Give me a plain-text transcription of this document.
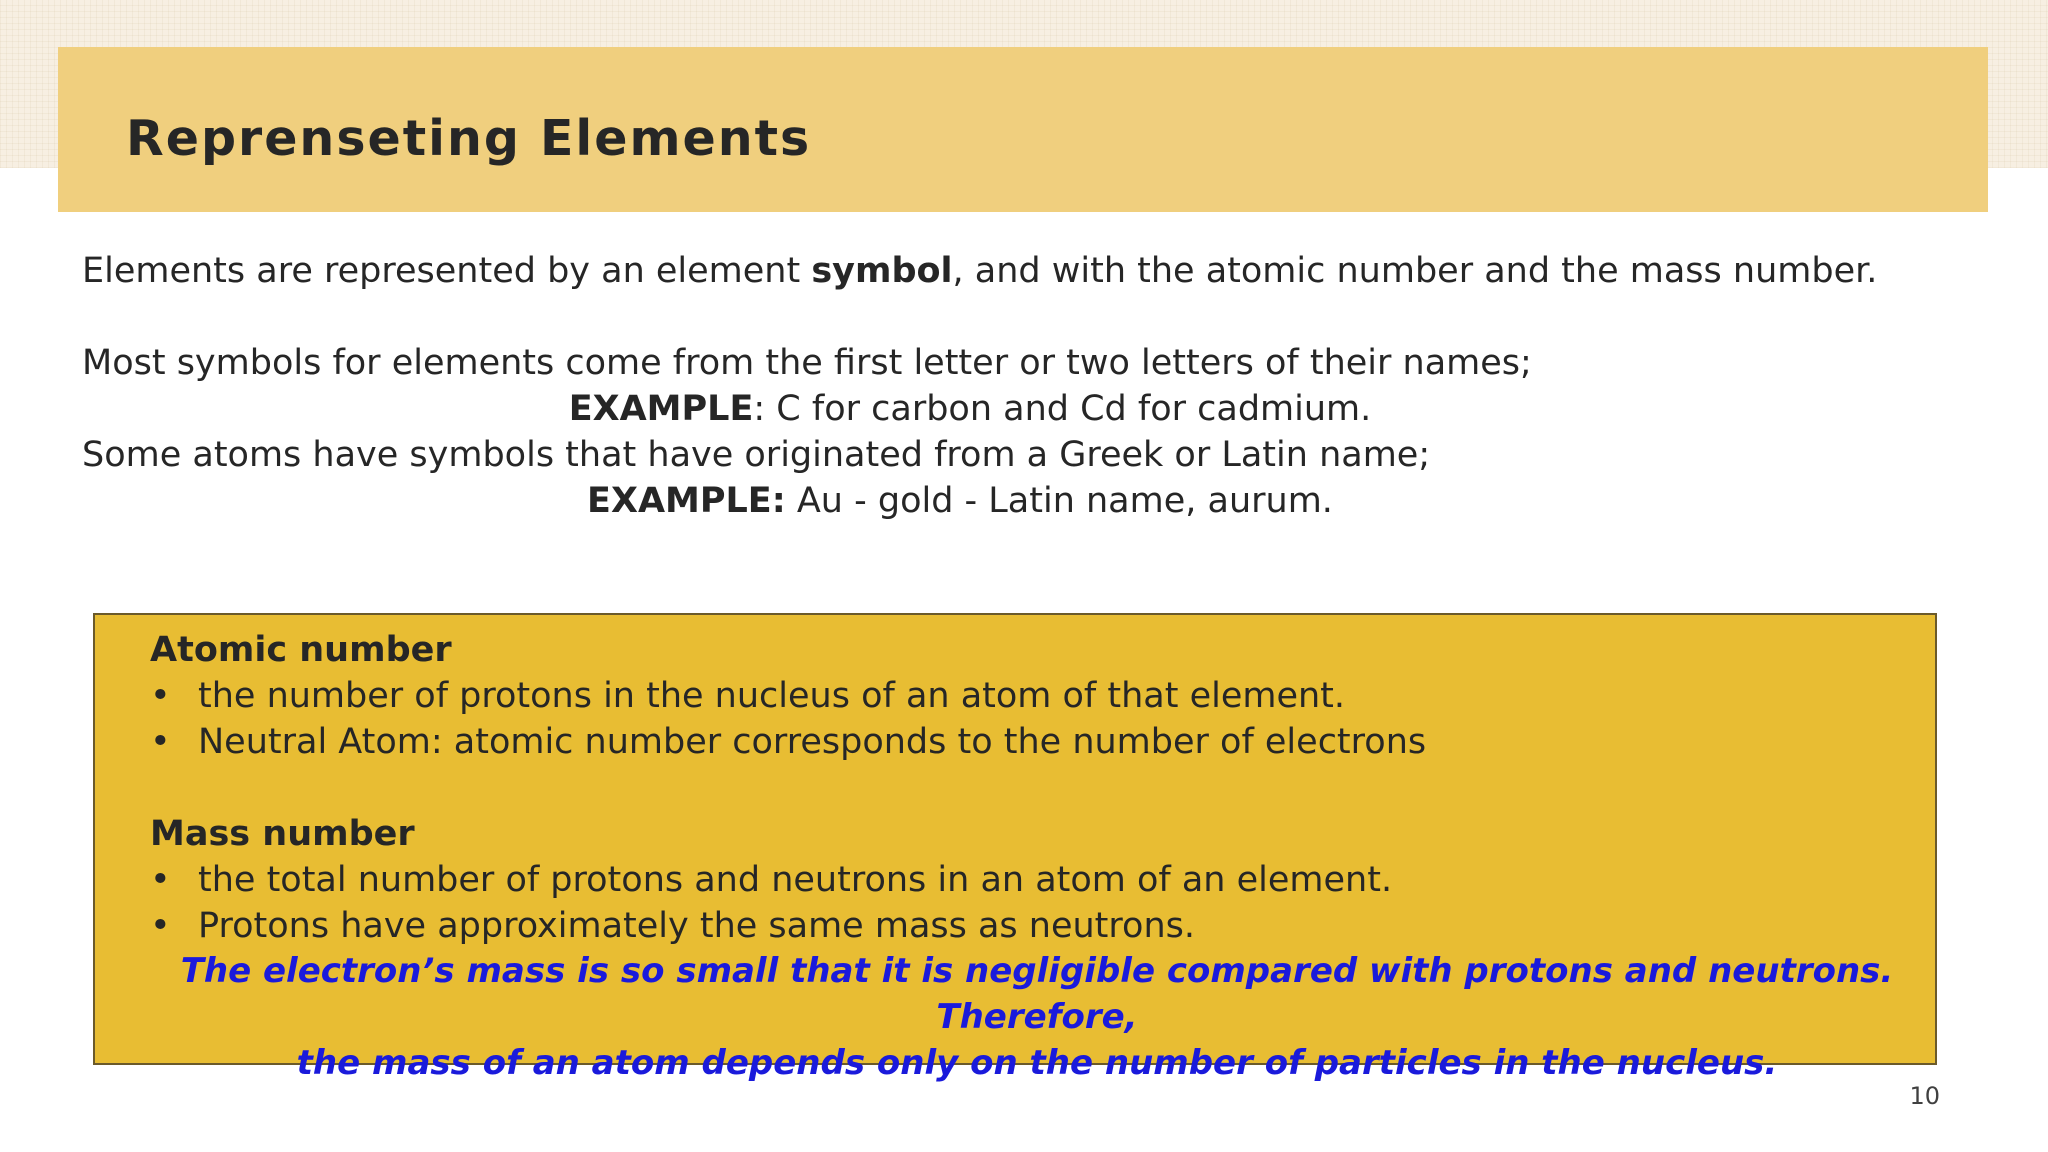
Reprenseting Elements

Elements are represented by an element symbol, and with the atomic number and the mass number.

Most symbols for elements come from the first letter or two letters of their names;

EXAMPLE: C for carbon and Cd for cadmium.

Some atoms have symbols that have originated from a Greek or Latin name;

EXAMPLE: Au - gold - Latin name, aurum.

Atomic number
• the number of protons in the nucleus of an atom of that element.
• Neutral Atom: atomic number corresponds to the number of electrons
Mass number
• the total number of protons and neutrons in an atom of an element.
• Protons have approximately the same mass as neutrons.
The electron’s mass is so small that it is negligible compared with protons and neutrons. Therefore,
the mass of an atom depends only on the number of particles in the nucleus.
10
